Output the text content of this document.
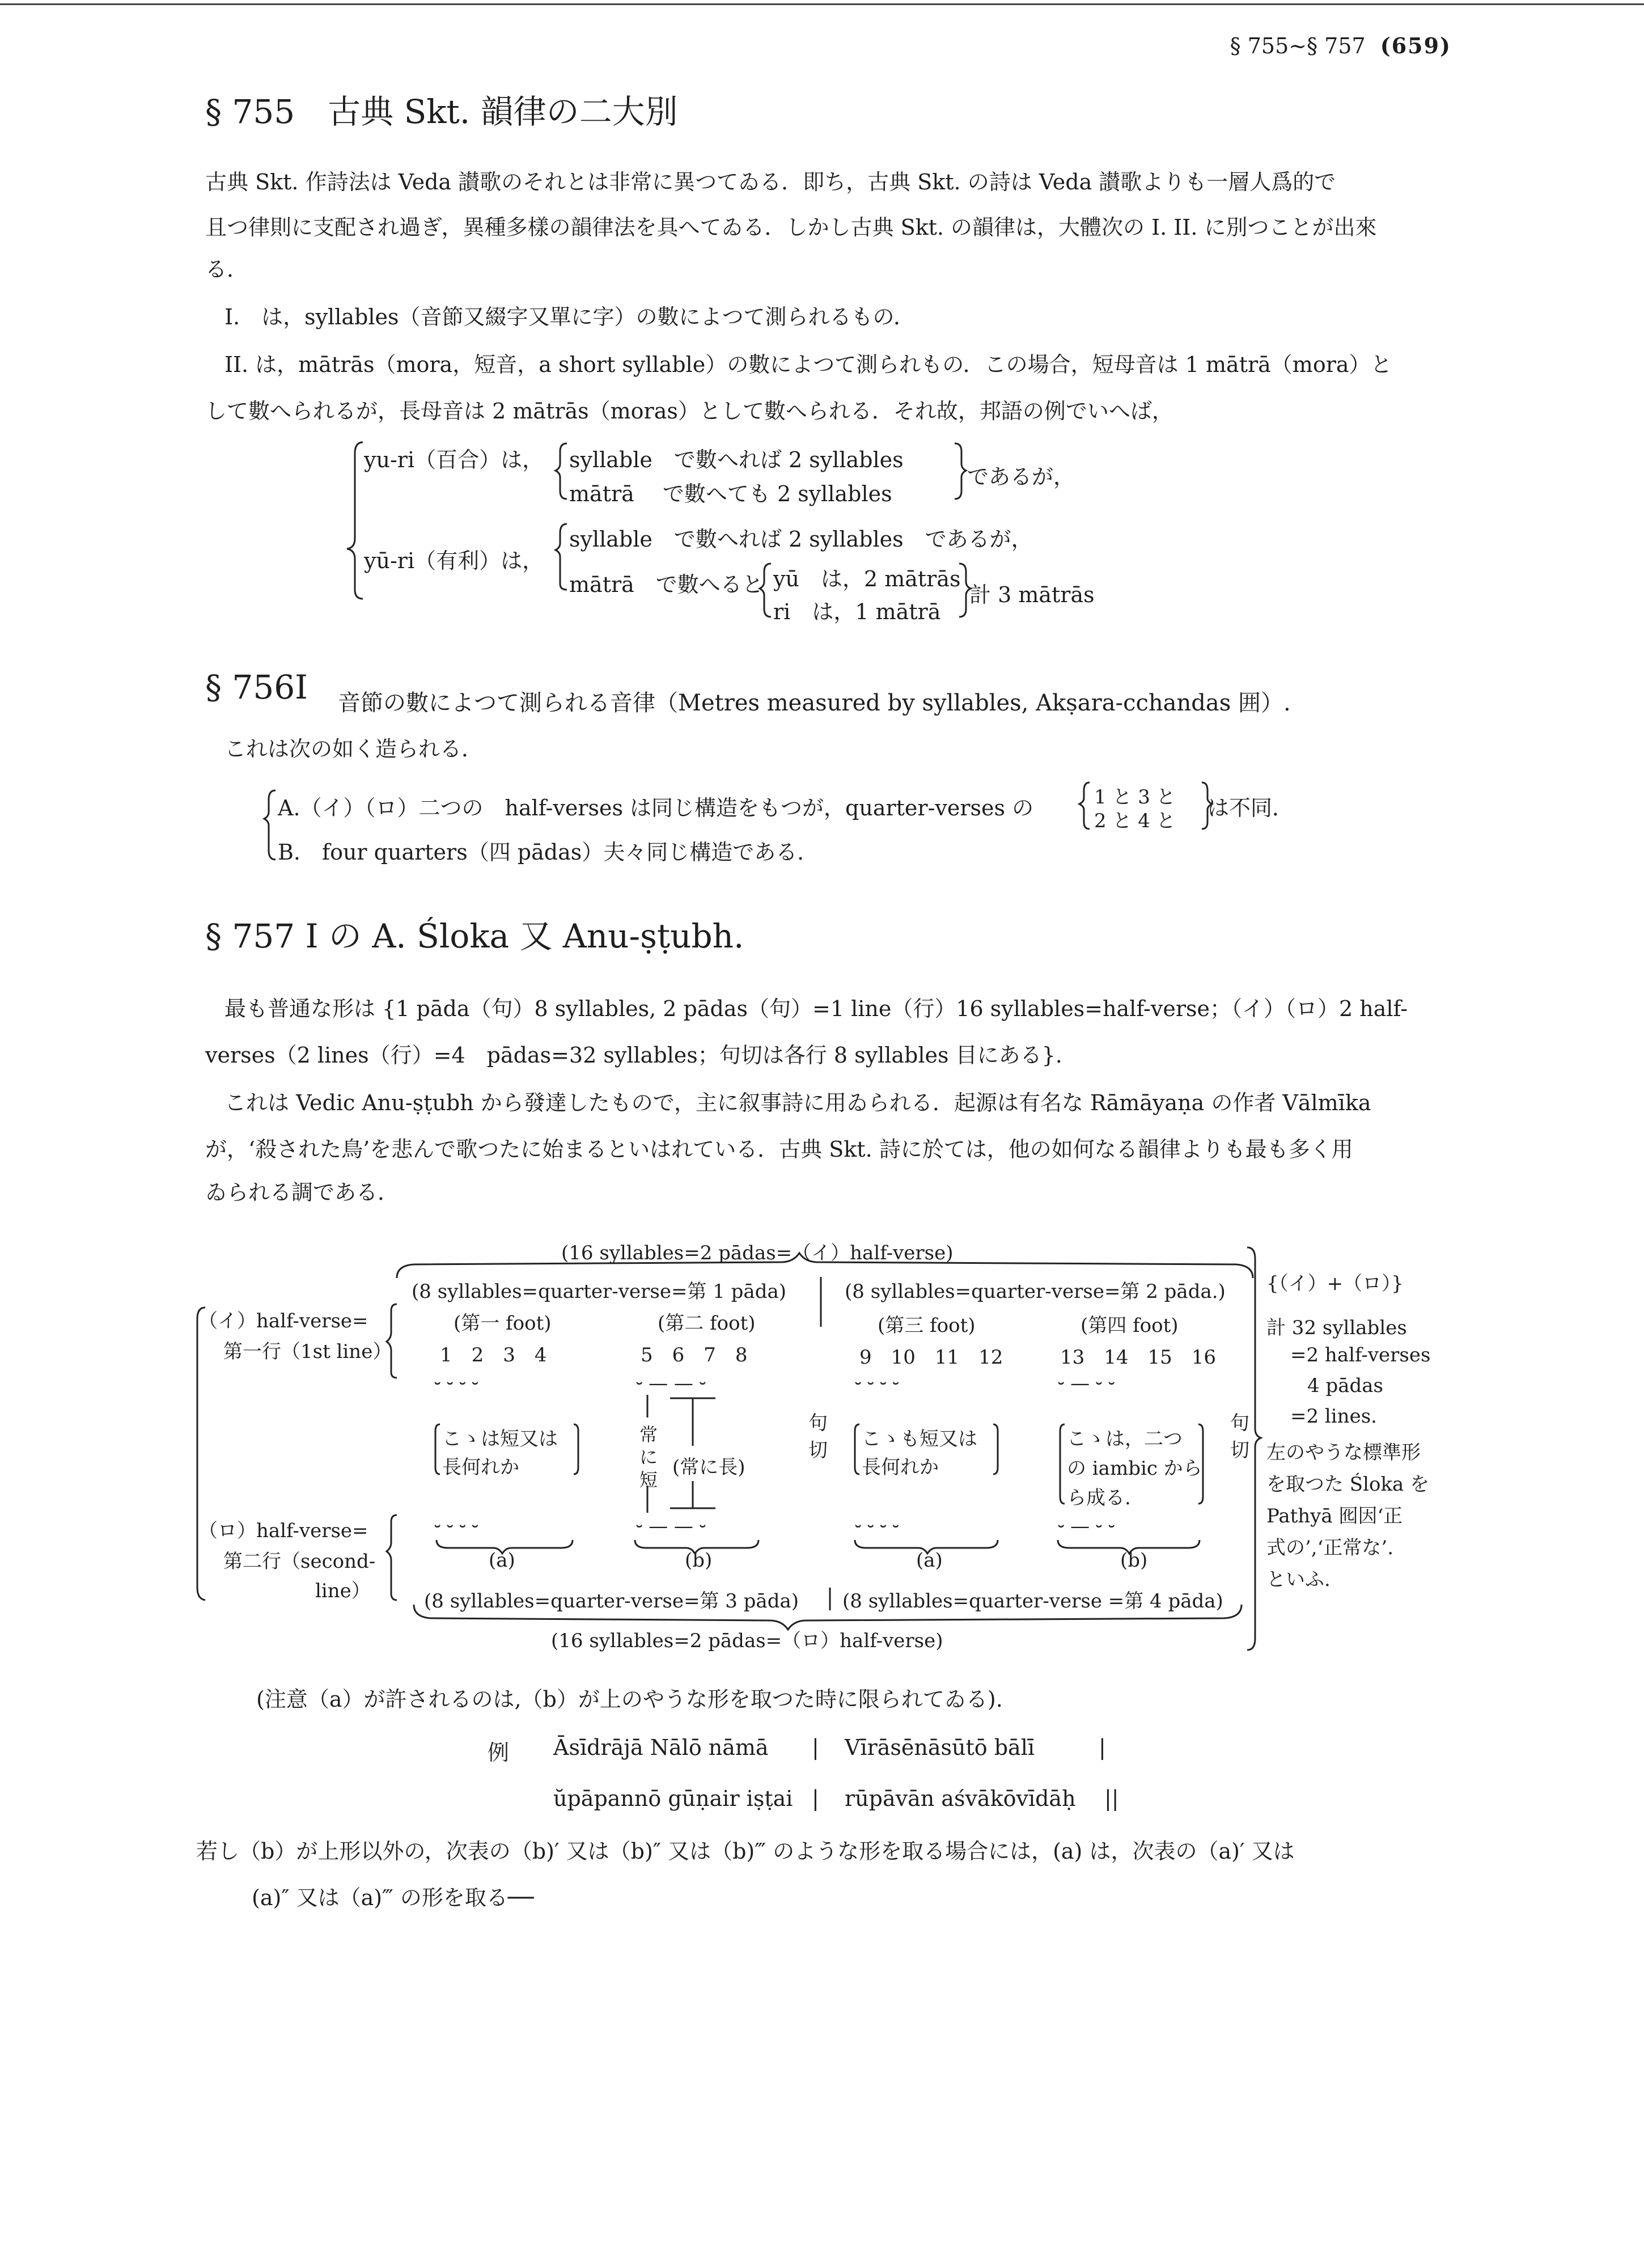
§ 755~§ 757 (659)
§ 755　古典 Skt. 韻律の二大別
古典 Skt. 作詩法は Veda 讃歌のそれとは非常に異つてゐる．即ち，古典 Skt. の詩は Veda 讃歌よりも一層人爲的で
且つ律則に支配され過ぎ，異種多樣の韻律法を具へてゐる．しかし古典 Skt. の韻律は，大體次の I. II. に別つことが出來
る．
I.　は，syllables（音節又綴字又單に字）の數によつて測られるもの．
II. は，mātrās（mora，短音，a short syllable）の數によつて測られもの．この場合，短母音は 1 mātrā（mora）と
して數へられるが，長母音は 2 mātrās（moras）として數へられる．それ故，邦語の例でいへば，
yu-ri（百合）は， syllable　で數へれば 2 syllables
mātrā　 で數へても 2 syllables
であるが，
yū-ri（有利）は，
syllable　で數へれば 2 syllables　であるが，
mātrā　で數へると yū　は，2 mātrās
ri　は，1 mātrā
計 3 mātrās
§ 756 I 音節の數によつて測られる音律（Metres measured by syllables, Akṣara-cchandas 囲）.
これは次の如く造られる．
A.（イ）（ロ）二つの　half-verses は同じ構造をもつが，quarter-verses の	1 と 3 と
2 と 4 と
は不同．
B.　four quarters（四 pādas）夫々同じ構造である．
§ 757 I の A. Śloka 又 Anu-ṣṭubh.
最も普通な形は {1 pāda（句）8 syllables, 2 pādas（句）=1 line（行）16 syllables=half-verse；（イ）（ロ）2 half-
verses（2 lines（行）=4　pādas=32 syllables；句切は各行 8 syllables 目にある}.
これは Vedic Anu-ṣṭubh から發達したもので，主に叙事詩に用ゐられる．起源は有名な Rāmāyaṇa の作者 Vālmīka
が，‘殺された鳥’を悲んで歌つたに始まるといはれている．古典 Skt. 詩に於ては，他の如何なる韻律よりも最も多く用
ゐられる調である．
(16 syllables=2 pādas=（イ）half-verse)
(8 syllables=quarter-verse=第 1 pāda)	(8 syllables=quarter-verse=第 2 pāda.)
（イ）half-verse=
第一行（1st line）
(第一 foot)	(第二 foot)	(第三 foot)	(第四 foot)
1　2　3　4	5　6　7　8	9　10　11　12	13　14　15　16
⏑ ⏑ ⏑ ⏑	⏑ — — ⏑	⏑ ⏑ ⏑ ⏑	⏑ — ⏑ ⏑
こゝは短又は
長何れか
常に短
(常に長)
句切 こゝも短又は
長何れか
こゝは，二つ
の iambic から
ら成る.
句切
（ロ）half-verse=
第二行（second-
line）
⏑ ⏑ ⏑ ⏑	⏑ — — ⏑	⏑ ⏑ ⏑ ⏑	⏑ — ⏑ ⏑
(a)	(b)	(a)	(b)
(8 syllables=quarter-verse=第 3 pāda) (8 syllables=quarter-verse =第 4 pāda)
(16 syllables=2 pādas=（ロ）half-verse)
{（イ）+（ロ）}
計 32 syllables
=2 half-verses
4 pādas
=2 lines.
左のやうな標準形
を取つた Śloka を
Pathyā 囮因‘正
式の’,‘正常な’.
といふ.
(注意（a）が許されるのは,（b）が上のやうな形を取つた時に限られてゐる).
例 Āsīdrājā Nālō nāmā | Vīrāsēnāsūtō bālī	|
ŭpāpannō gūṇair iṣṭai | rūpāvān aśvākōvīdāḥ ||
若し（b）が上形以外の，次表の（b)′ 又は（b)″ 又は（b)‴ のような形を取る場合には，(a) は，次表の（a)′ 又は
(a)″ 又は（a)‴ の形を取る──
